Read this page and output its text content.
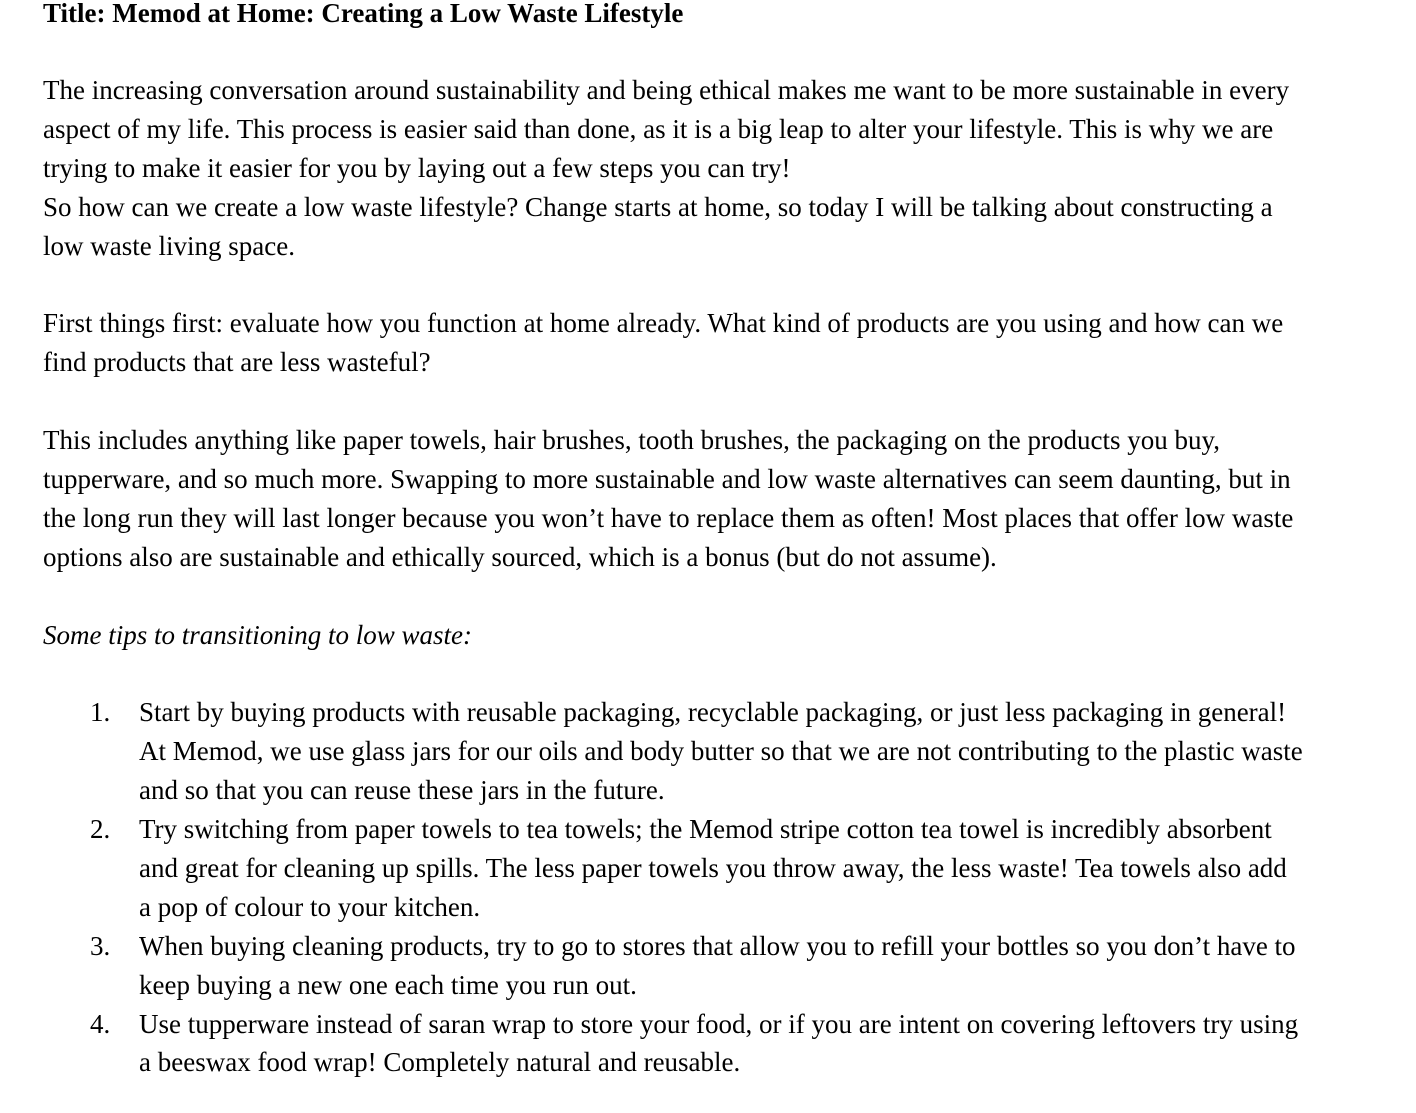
Title: Memod at Home: Creating a Low Waste Lifestyle

The increasing conversation around sustainability and being ethical makes me want to be more sustainable in every aspect of my life. This process is easier said than done, as it is a big leap to alter your lifestyle. This is why we are trying to make it easier for you by laying out a few steps you can try!

So how can we create a low waste lifestyle? Change starts at home, so today I will be talking about constructing a low waste living space.

First things first: evaluate how you function at home already. What kind of products are you using and how can we find products that are less wasteful?

This includes anything like paper towels, hair brushes, tooth brushes, the packaging on the products you buy, tupperware, and so much more. Swapping to more sustainable and low waste alternatives can seem daunting, but in the long run they will last longer because you won’t have to replace them as often! Most places that offer low waste options also are sustainable and ethically sourced, which is a bonus (but do not assume).

Some tips to transitioning to low waste:

1. Start by buying products with reusable packaging, recyclable packaging, or just less packaging in general! At Memod, we use glass jars for our oils and body butter so that we are not contributing to the plastic waste and so that you can reuse these jars in the future.
2. Try switching from paper towels to tea towels; the Memod stripe cotton tea towel is incredibly absorbent and great for cleaning up spills. The less paper towels you throw away, the less waste! Tea towels also add a pop of colour to your kitchen.
3. When buying cleaning products, try to go to stores that allow you to refill your bottles so you don’t have to keep buying a new one each time you run out.
4. Use tupperware instead of saran wrap to store your food, or if you are intent on covering leftovers try using a beeswax food wrap! Completely natural and reusable.
